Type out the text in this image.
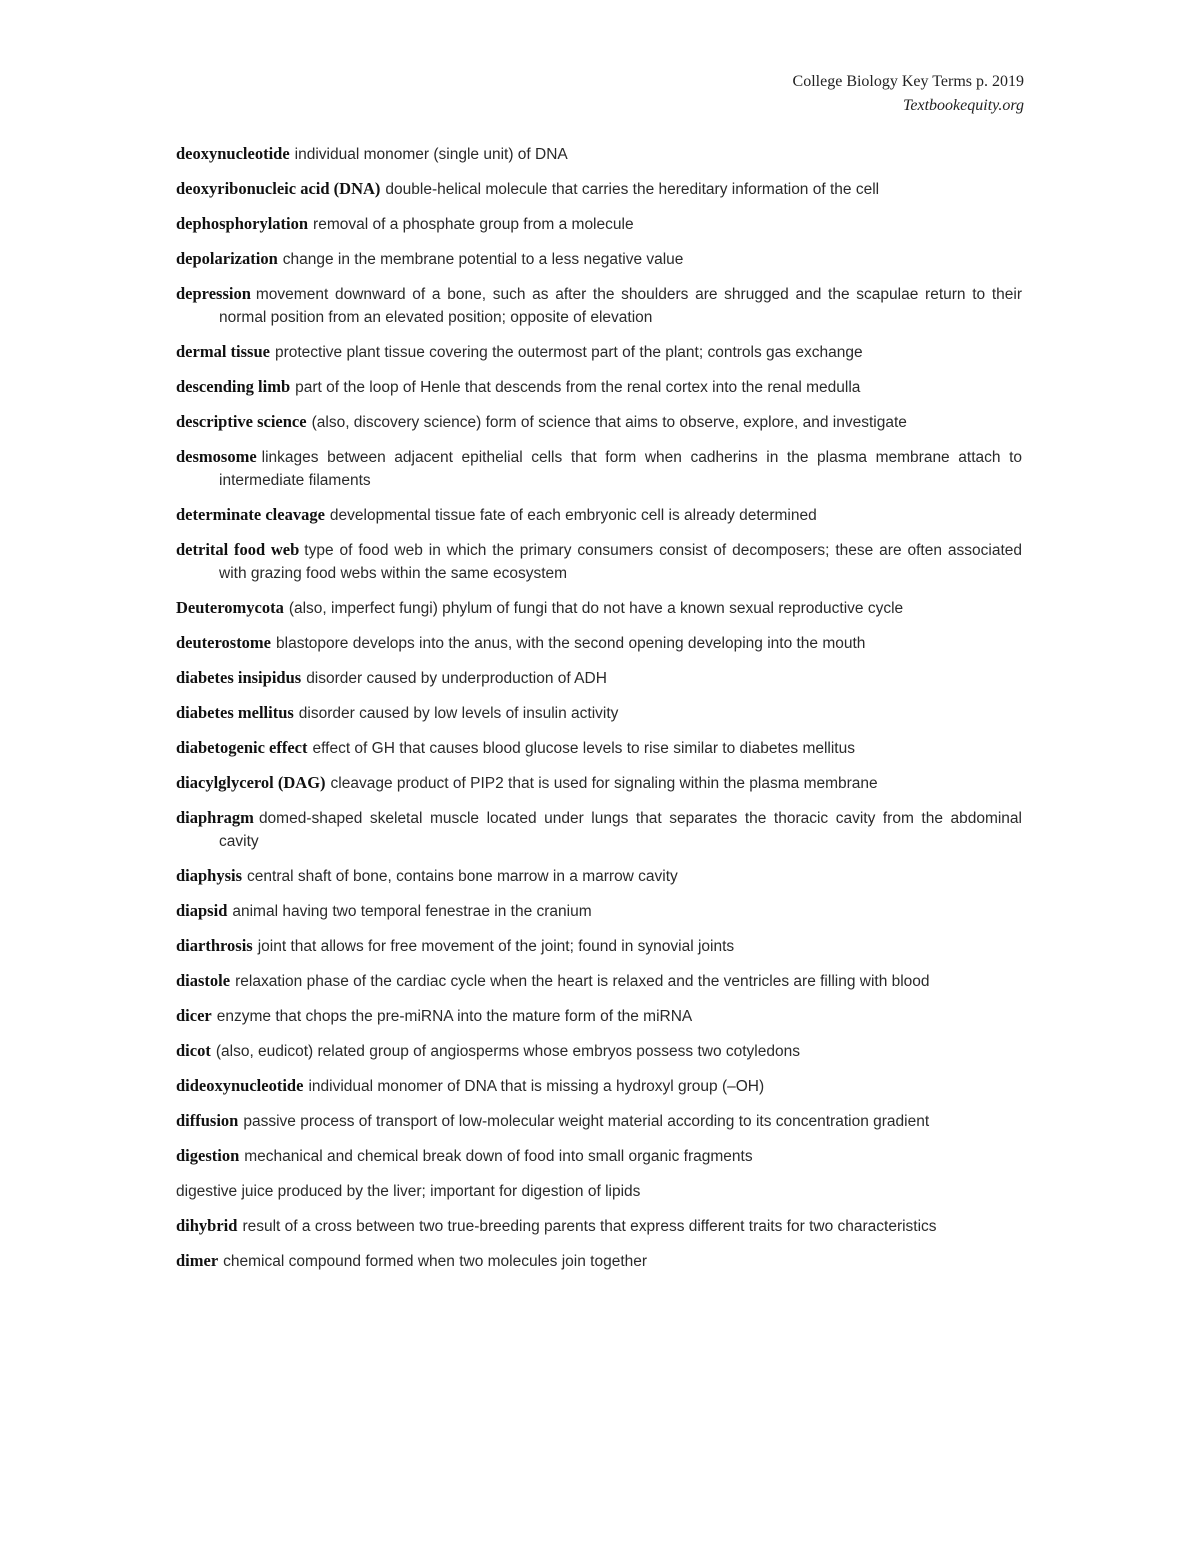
College Biology Key Terms p. 2019
Textbookequity.org
deoxynucleotide individual monomer (single unit) of DNA
deoxyribonucleic acid (DNA) double-helical molecule that carries the hereditary information of the cell
dephosphorylation removal of a phosphate group from a molecule
depolarization change in the membrane potential to a less negative value
depression movement downward of a bone, such as after the shoulders are shrugged and the scapulae return to their normal position from an elevated position; opposite of elevation
dermal tissue protective plant tissue covering the outermost part of the plant; controls gas exchange
descending limb part of the loop of Henle that descends from the renal cortex into the renal medulla
descriptive science (also, discovery science) form of science that aims to observe, explore, and investigate
desmosome linkages between adjacent epithelial cells that form when cadherins in the plasma membrane attach to intermediate filaments
determinate cleavage developmental tissue fate of each embryonic cell is already determined
detrital food web type of food web in which the primary consumers consist of decomposers; these are often associated with grazing food webs within the same ecosystem
Deuteromycota (also, imperfect fungi) phylum of fungi that do not have a known sexual reproductive cycle
deuterostome blastopore develops into the anus, with the second opening developing into the mouth
diabetes insipidus disorder caused by underproduction of ADH
diabetes mellitus disorder caused by low levels of insulin activity
diabetogenic effect effect of GH that causes blood glucose levels to rise similar to diabetes mellitus
diacylglycerol (DAG) cleavage product of PIP2 that is used for signaling within the plasma membrane
diaphragm domed-shaped skeletal muscle located under lungs that separates the thoracic cavity from the abdominal cavity
diaphysis central shaft of bone, contains bone marrow in a marrow cavity
diapsid animal having two temporal fenestrae in the cranium
diarthrosis joint that allows for free movement of the joint; found in synovial joints
diastole relaxation phase of the cardiac cycle when the heart is relaxed and the ventricles are filling with blood
dicer enzyme that chops the pre-miRNA into the mature form of the miRNA
dicot (also, eudicot) related group of angiosperms whose embryos possess two cotyledons
dideoxynucleotide individual monomer of DNA that is missing a hydroxyl group (–OH)
diffusion passive process of transport of low-molecular weight material according to its concentration gradient
digestion mechanical and chemical break down of food into small organic fragments
digestive juice produced by the liver; important for digestion of lipids
dihybrid result of a cross between two true-breeding parents that express different traits for two characteristics
dimer chemical compound formed when two molecules join together
